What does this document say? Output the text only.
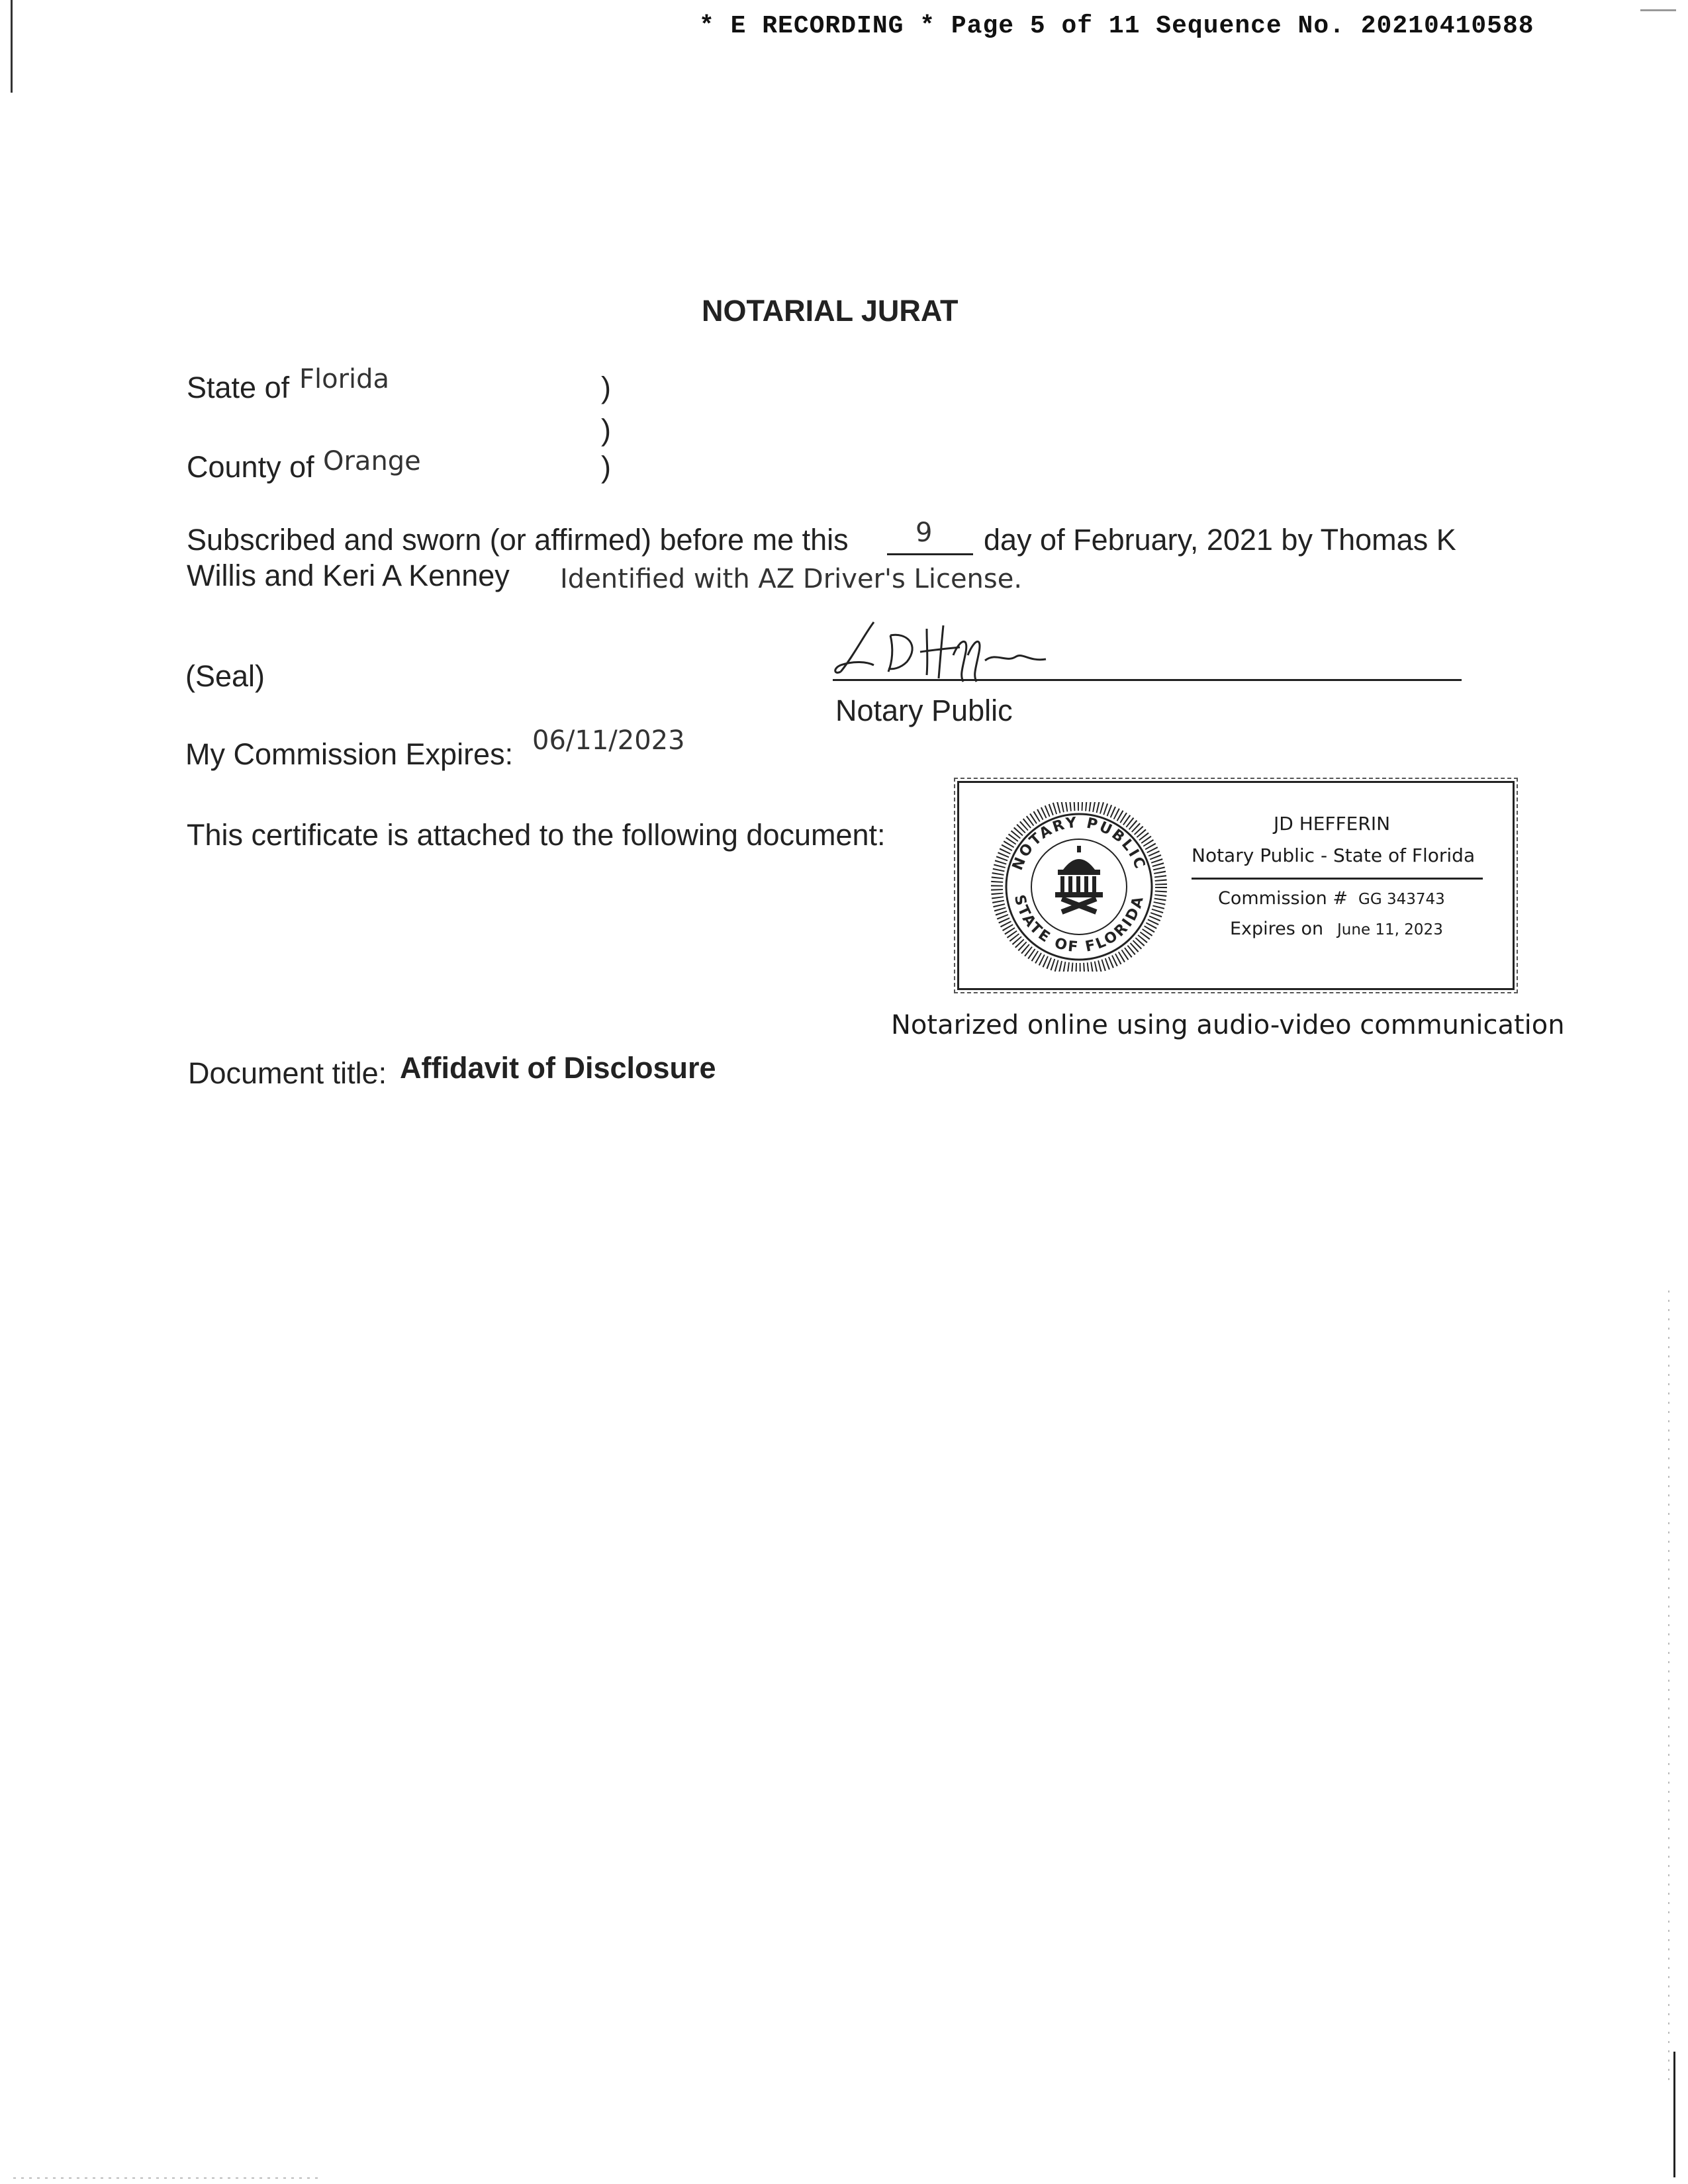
* E RECORDING * Page 5 of 11 Sequence No. 20210410588
NOTARIAL JURAT
State of Florida	)
)
County of Orange	)
Subscribed and sworn (or affirmed) before me this	9 day of February, 2021 by Thomas K
Willis and Keri A Kenney Identified with AZ Driver's License.
(Seal)
Notary Public
My Commission Expires: 06/11/2023
This certificate is attached to the following document:
NOTARY PUBLIC
STATE OF FLORIDA
JD HEFFERIN
Notary Public - State of Florida
Commission # GG 343743
Expires on June 11, 2023
Notarized online using audio-video communication
Document title: Affidavit of Disclosure
